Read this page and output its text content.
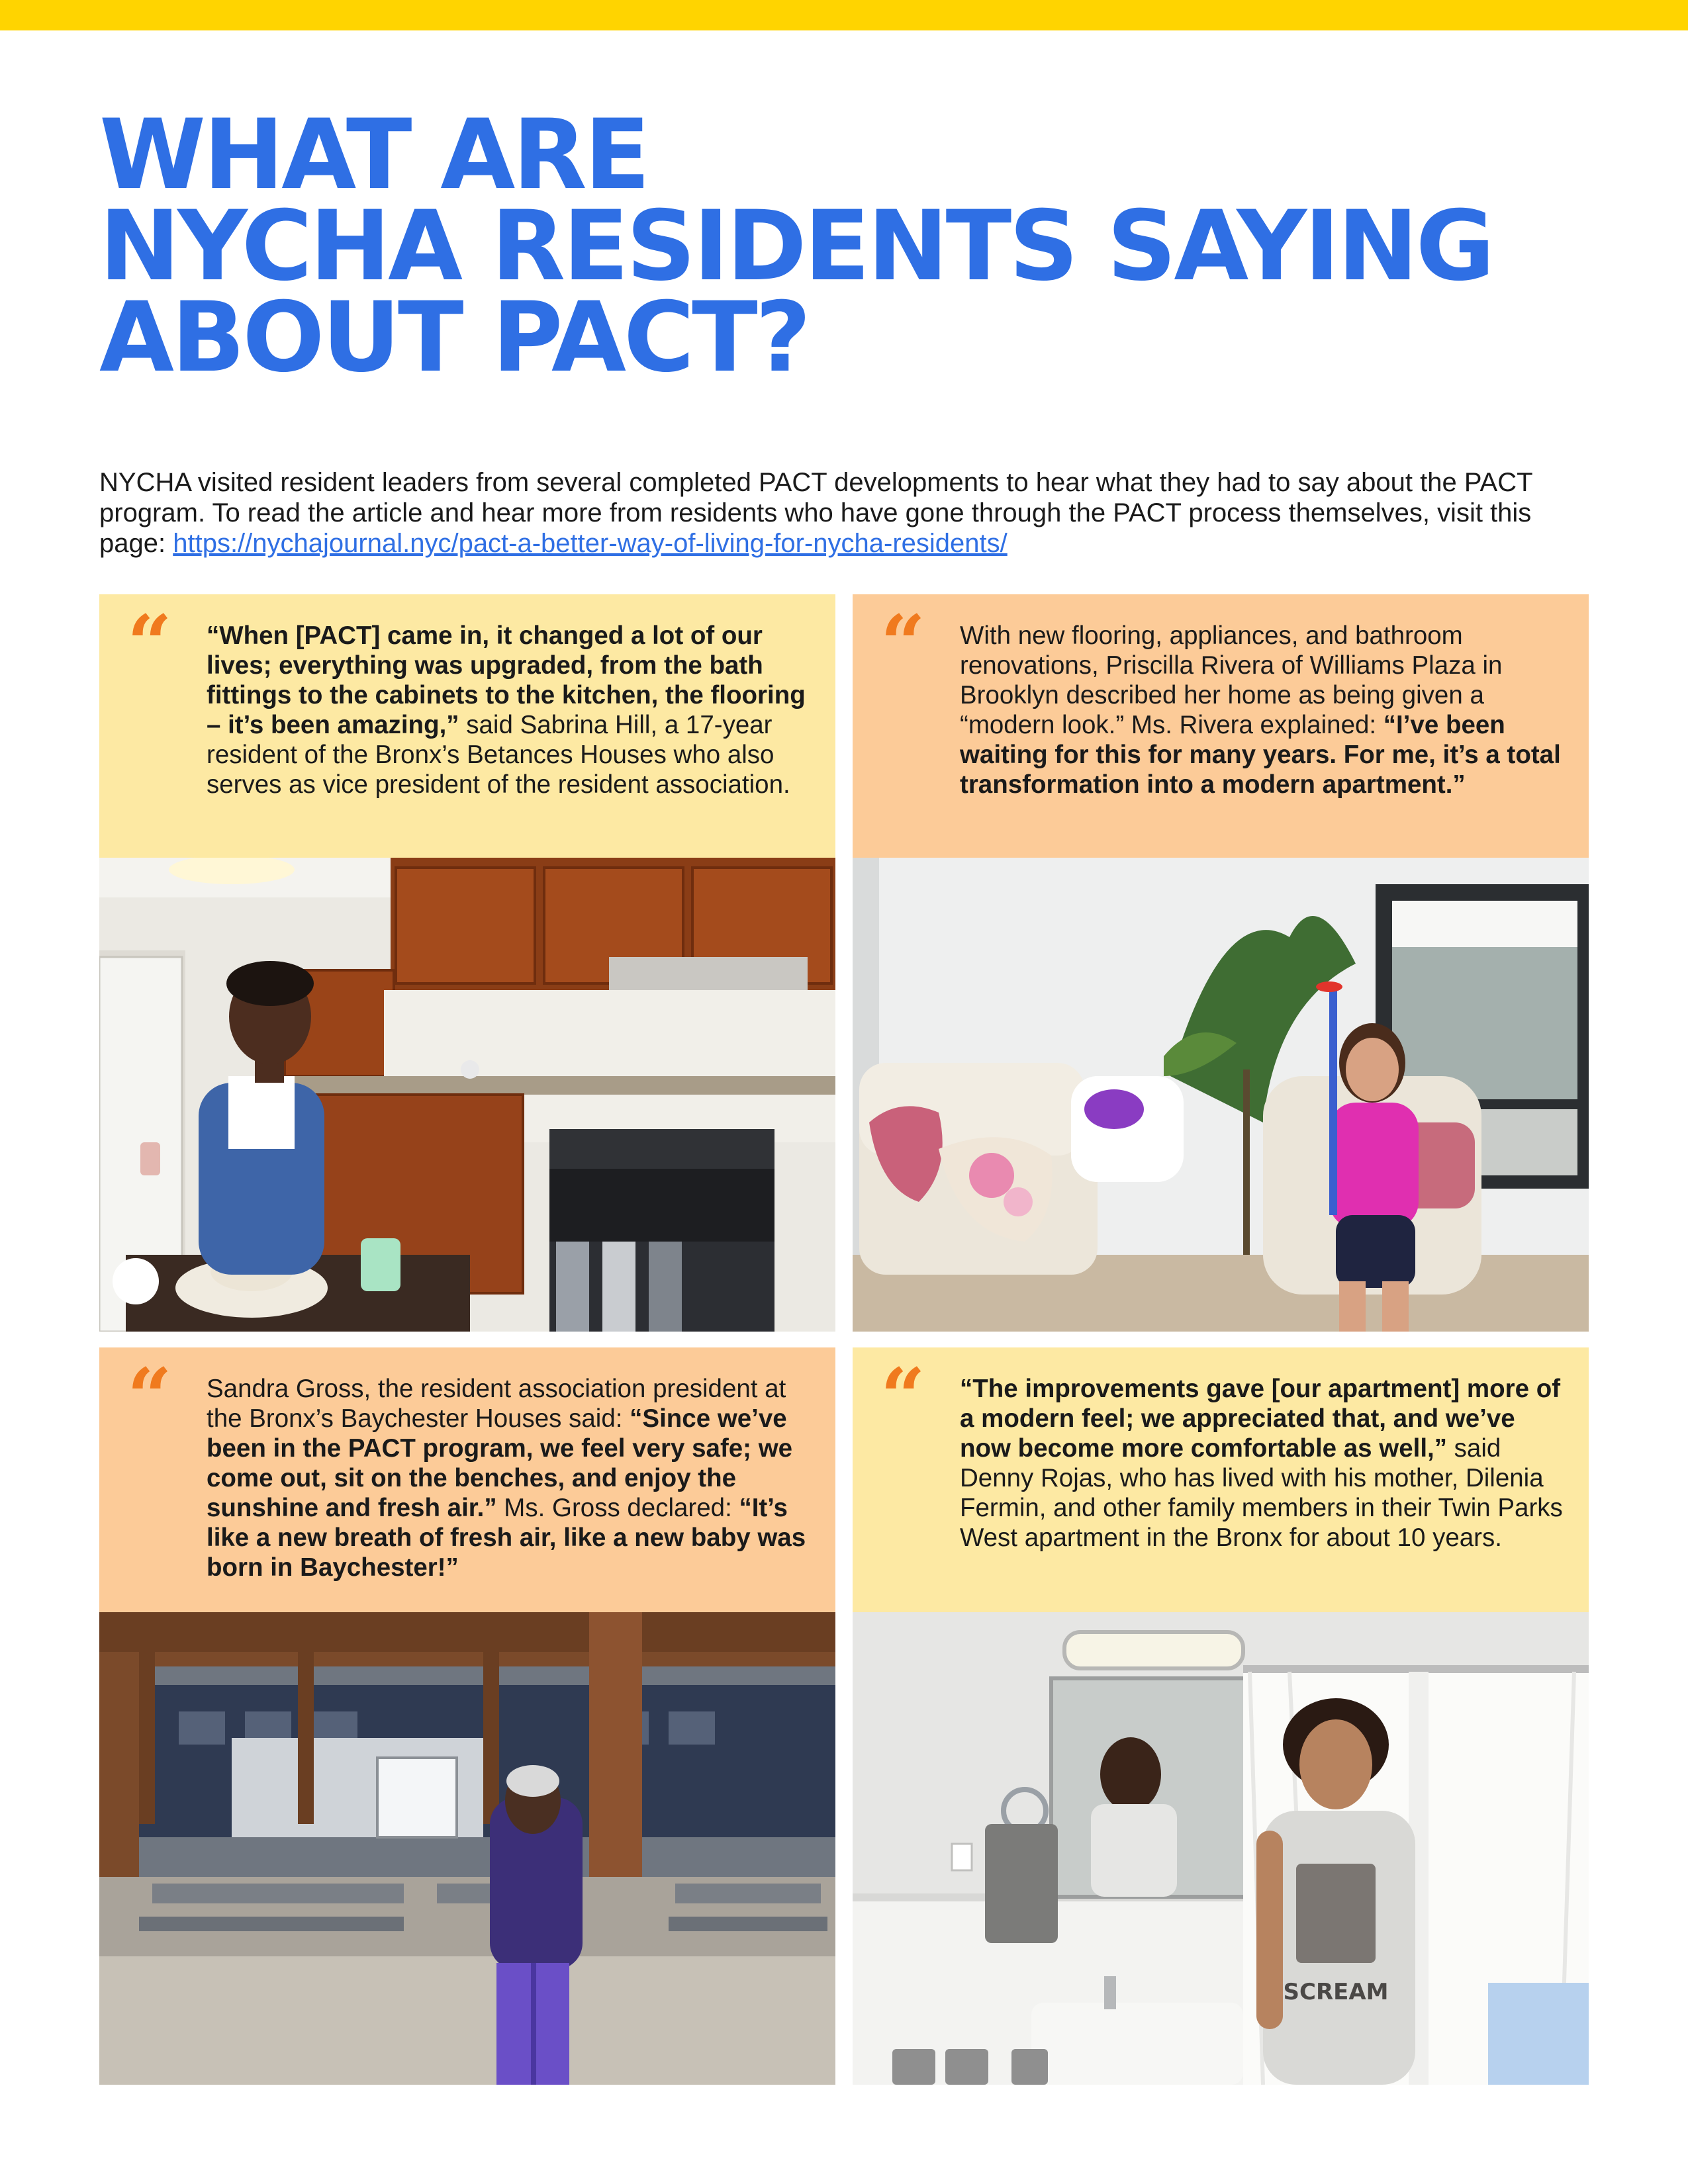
WHAT ARE
NYCHA RESIDENTS SAYING
ABOUT PACT?

NYCHA visited resident leaders from several completed PACT developments to hear what they had to say about the PACT program. To read the article and hear more from residents who have gone through the PACT process themselves, visit this page: https://nychajournal.nyc/pact-a-better-way-of-living-for-nycha-residents/

“ “When [PACT] came in, it changed a lot of our lives; everything was upgraded, from the bath fittings to the cabinets to the kitchen, the flooring – it’s been amazing,” said Sabrina Hill, a 17-year resident of the Bronx’s Betances Houses who also serves as vice president of the resident association.

“ With new flooring, appliances, and bathroom renovations, Priscilla Rivera of Williams Plaza in Brooklyn described her home as being given a “modern look.” Ms. Rivera explained: “I’ve been waiting for this for many years. For me, it’s a total transformation into a modern apartment.”

“ Sandra Gross, the resident association president at the Bronx’s Baychester Houses said: “Since we’ve been in the PACT program, we feel very safe; we come out, sit on the benches, and enjoy the sunshine and fresh air.” Ms. Gross declared: “It’s like a new breath of fresh air, like a new baby was born in Baychester!”

“ “The improvements gave [our apartment] more of a modern feel; we appreciated that, and we’ve now become more comfortable as well,” said Denny Rojas, who has lived with his mother, Dilenia Fermin, and other family members in their Twin Parks West apartment in the Bronx for about 10 years.

SCREAM
